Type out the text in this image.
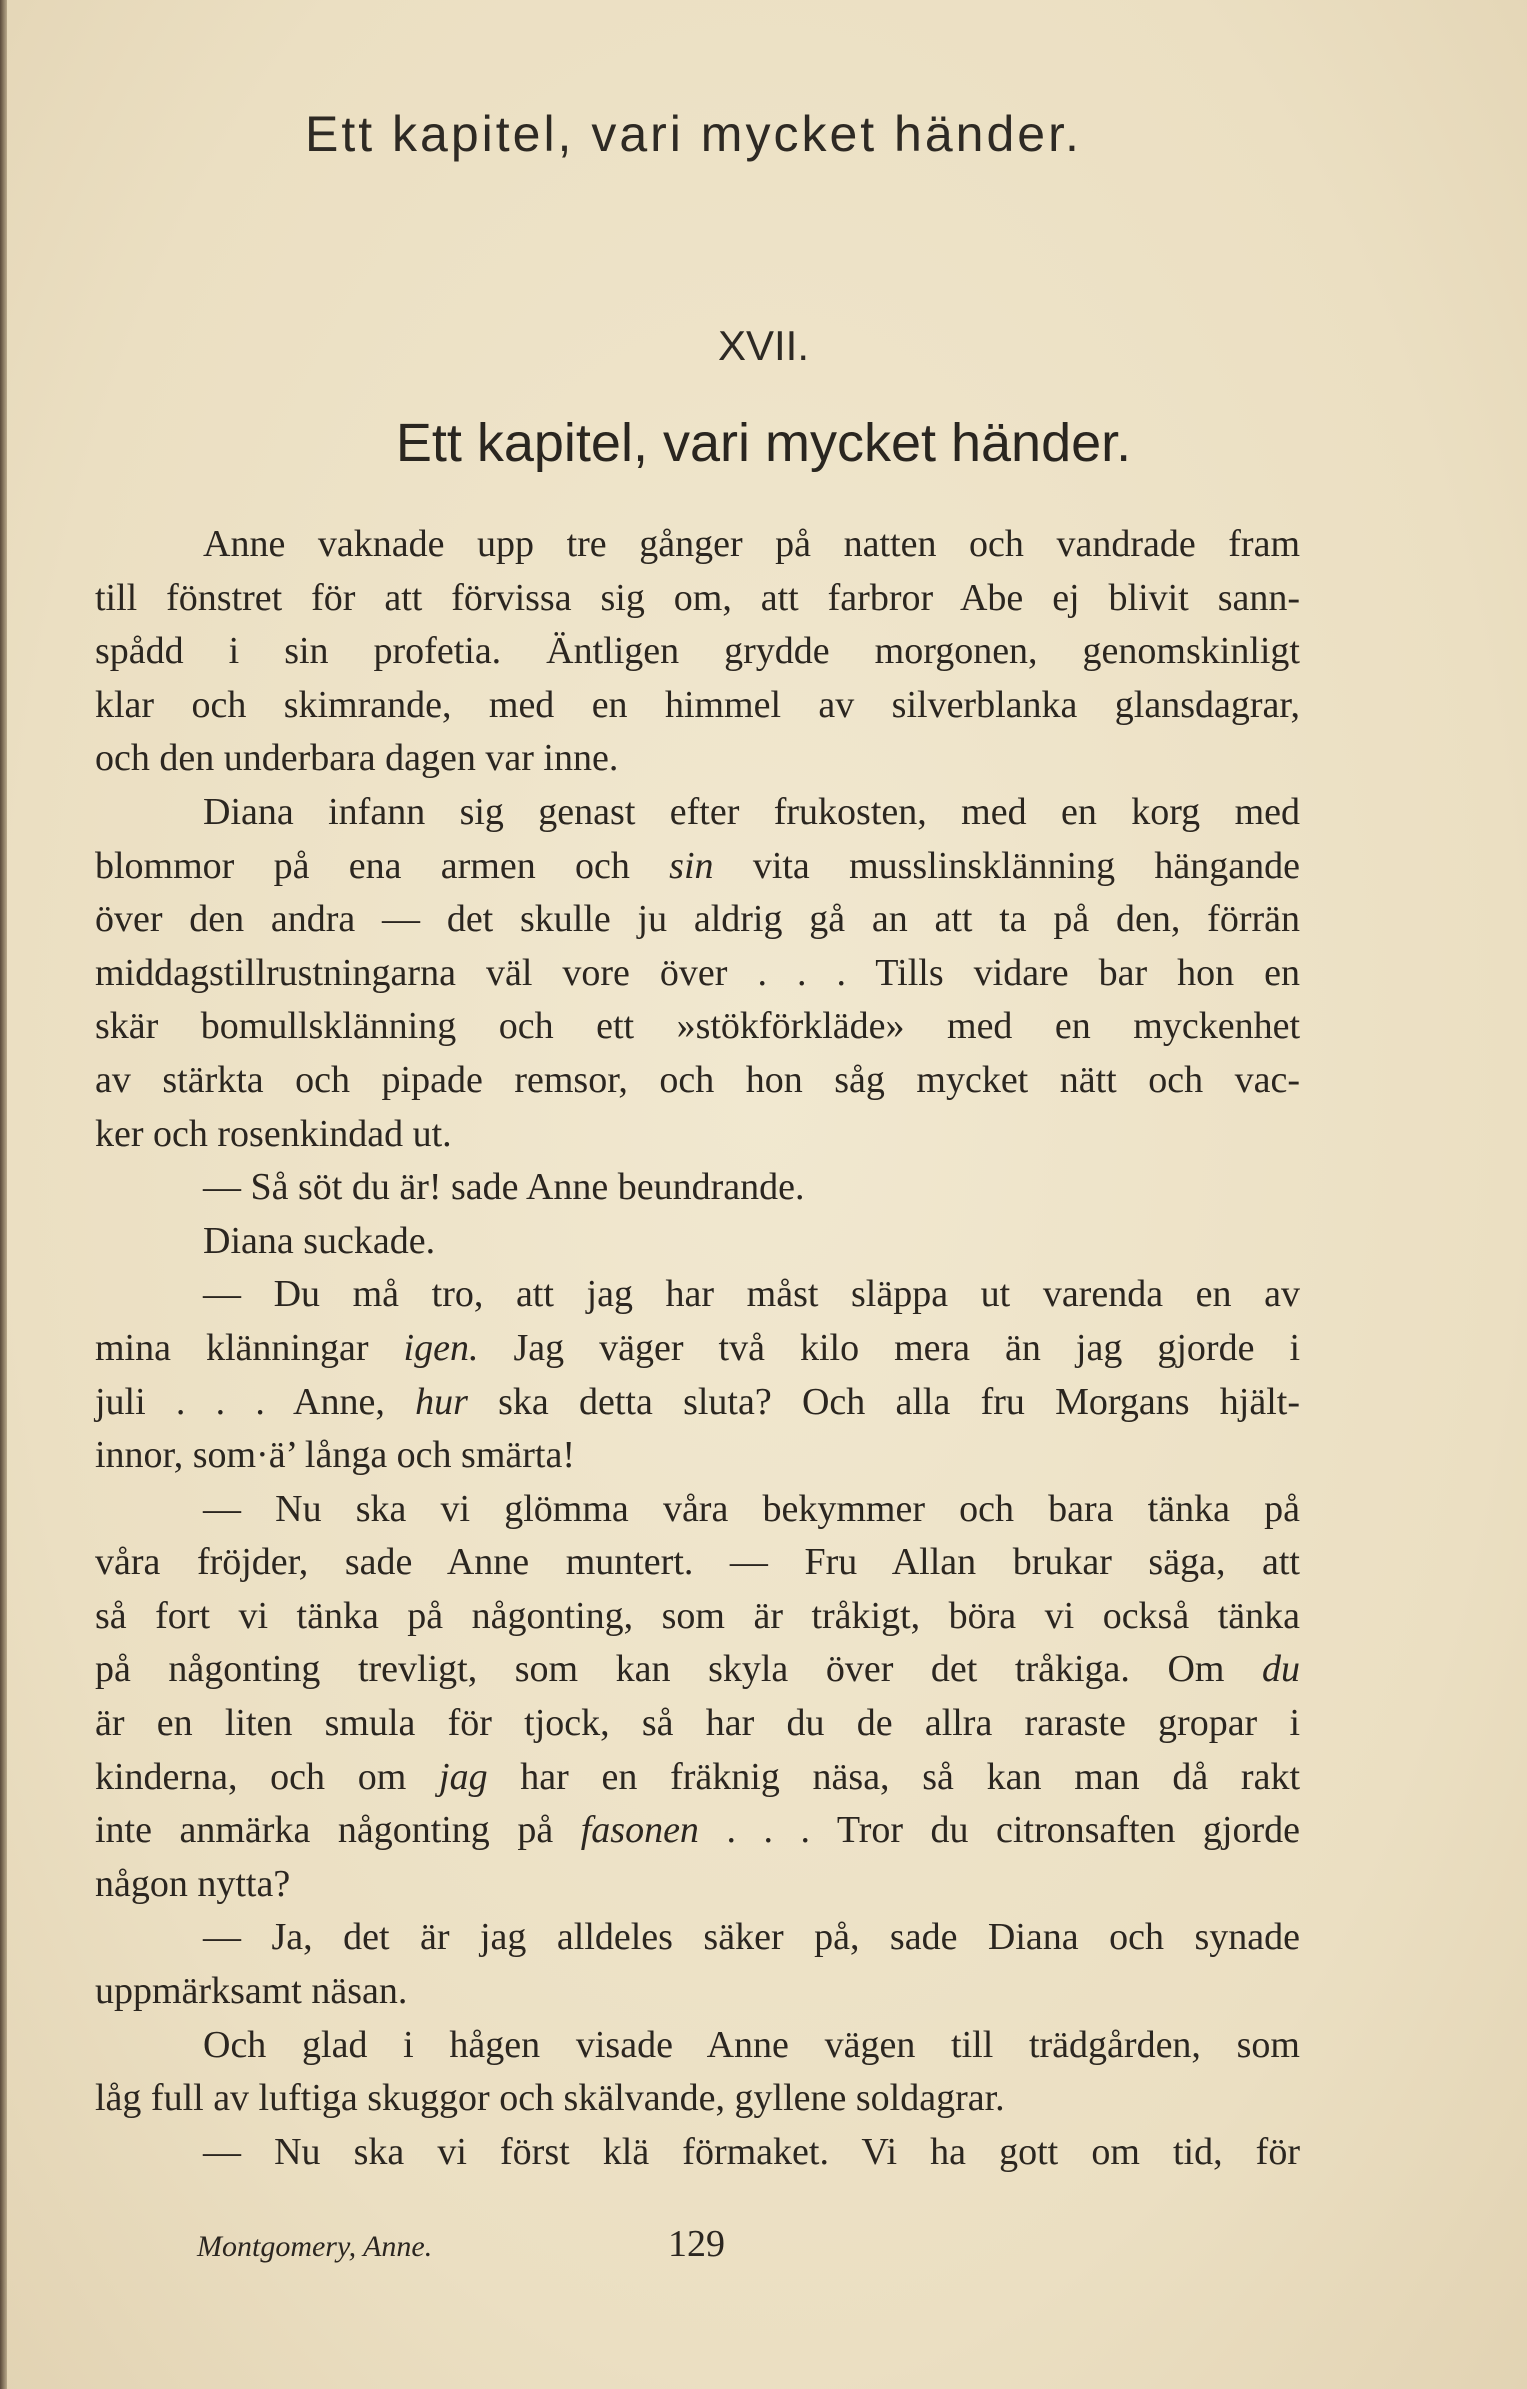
Ett kapitel, vari mycket händer.
XVII.
Ett kapitel, vari mycket händer.
Anne vaknade upp tre gånger på natten och vandrade fram
till fönstret för att förvissa sig om, att farbror Abe ej blivit sann-
spådd i sin profetia. Äntligen grydde morgonen, genomskinligt
klar och skimrande, med en himmel av silverblanka glansdagrar,
och den underbara dagen var inne.
Diana infann sig genast efter frukosten, med en korg med
blommor på ena armen och sin vita musslinsklänning hängande
över den andra — det skulle ju aldrig gå an att ta på den, förrän
middagstillrustningarna väl vore över . . . Tills vidare bar hon en
skär bomullsklänning och ett »stökförkläde» med en myckenhet
av stärkta och pipade remsor, och hon såg mycket nätt och vac-
ker och rosenkindad ut.
— Så söt du är! sade Anne beundrande.
Diana suckade.
— Du må tro, att jag har måst släppa ut varenda en av
mina klänningar igen. Jag väger två kilo mera än jag gjorde i
juli . . . Anne, hur ska detta sluta? Och alla fru Morgans hjält-
innor, som·ä’ långa och smärta!
— Nu ska vi glömma våra bekymmer och bara tänka på
våra fröjder, sade Anne muntert. — Fru Allan brukar säga, att
så fort vi tänka på någonting, som är tråkigt, böra vi också tänka
på någonting trevligt, som kan skyla över det tråkiga. Om du
är en liten smula för tjock, så har du de allra raraste gropar i
kinderna, och om jag har en fräknig näsa, så kan man då rakt
inte anmärka någonting på fasonen . . . Tror du citronsaften gjorde
någon nytta?
— Ja, det är jag alldeles säker på, sade Diana och synade
uppmärksamt näsan.
Och glad i hågen visade Anne vägen till trädgården, som
låg full av luftiga skuggor och skälvande, gyllene soldagrar.
— Nu ska vi först klä förmaket. Vi ha gott om tid, för
Montgomery, Anne.	129
